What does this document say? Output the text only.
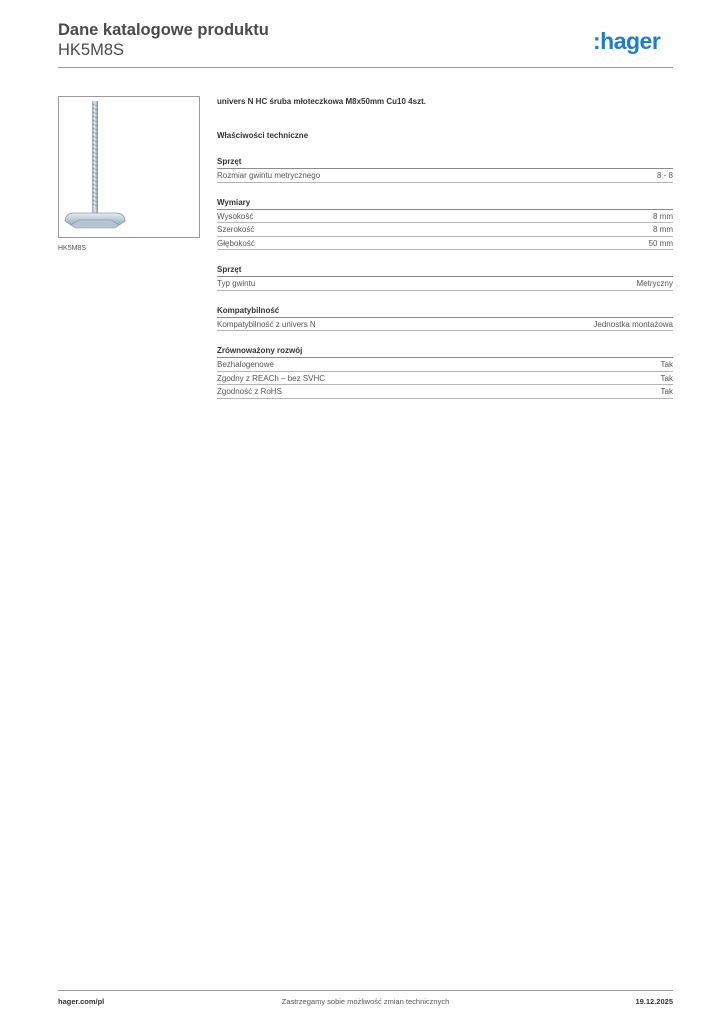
Dane katalogowe produktu
HK5M8S	:hager
HK5M8S
univers N HC śruba młoteczkowa M8x50mm Cu10 4szt.
Właściwości techniczne
Sprzęt
Rozmiar gwintu metrycznego	8 - 8
Wymiary
Wysokość	8 mm
Szerokość	8 mm
Głębokość	50 mm
Sprzęt
Typ gwintu	Metryczny
Kompatybilność
Kompatybilność z univers N	Jednostka montażowa
Zrównoważony rozwój
Bezhalogenowe	Tak
Zgodny z REACh – bez SVHC	Tak
Zgodność z RoHS	Tak
hager.com/pl	Zastrzegamy sobie możliwość zmian technicznych	19.12.2025
